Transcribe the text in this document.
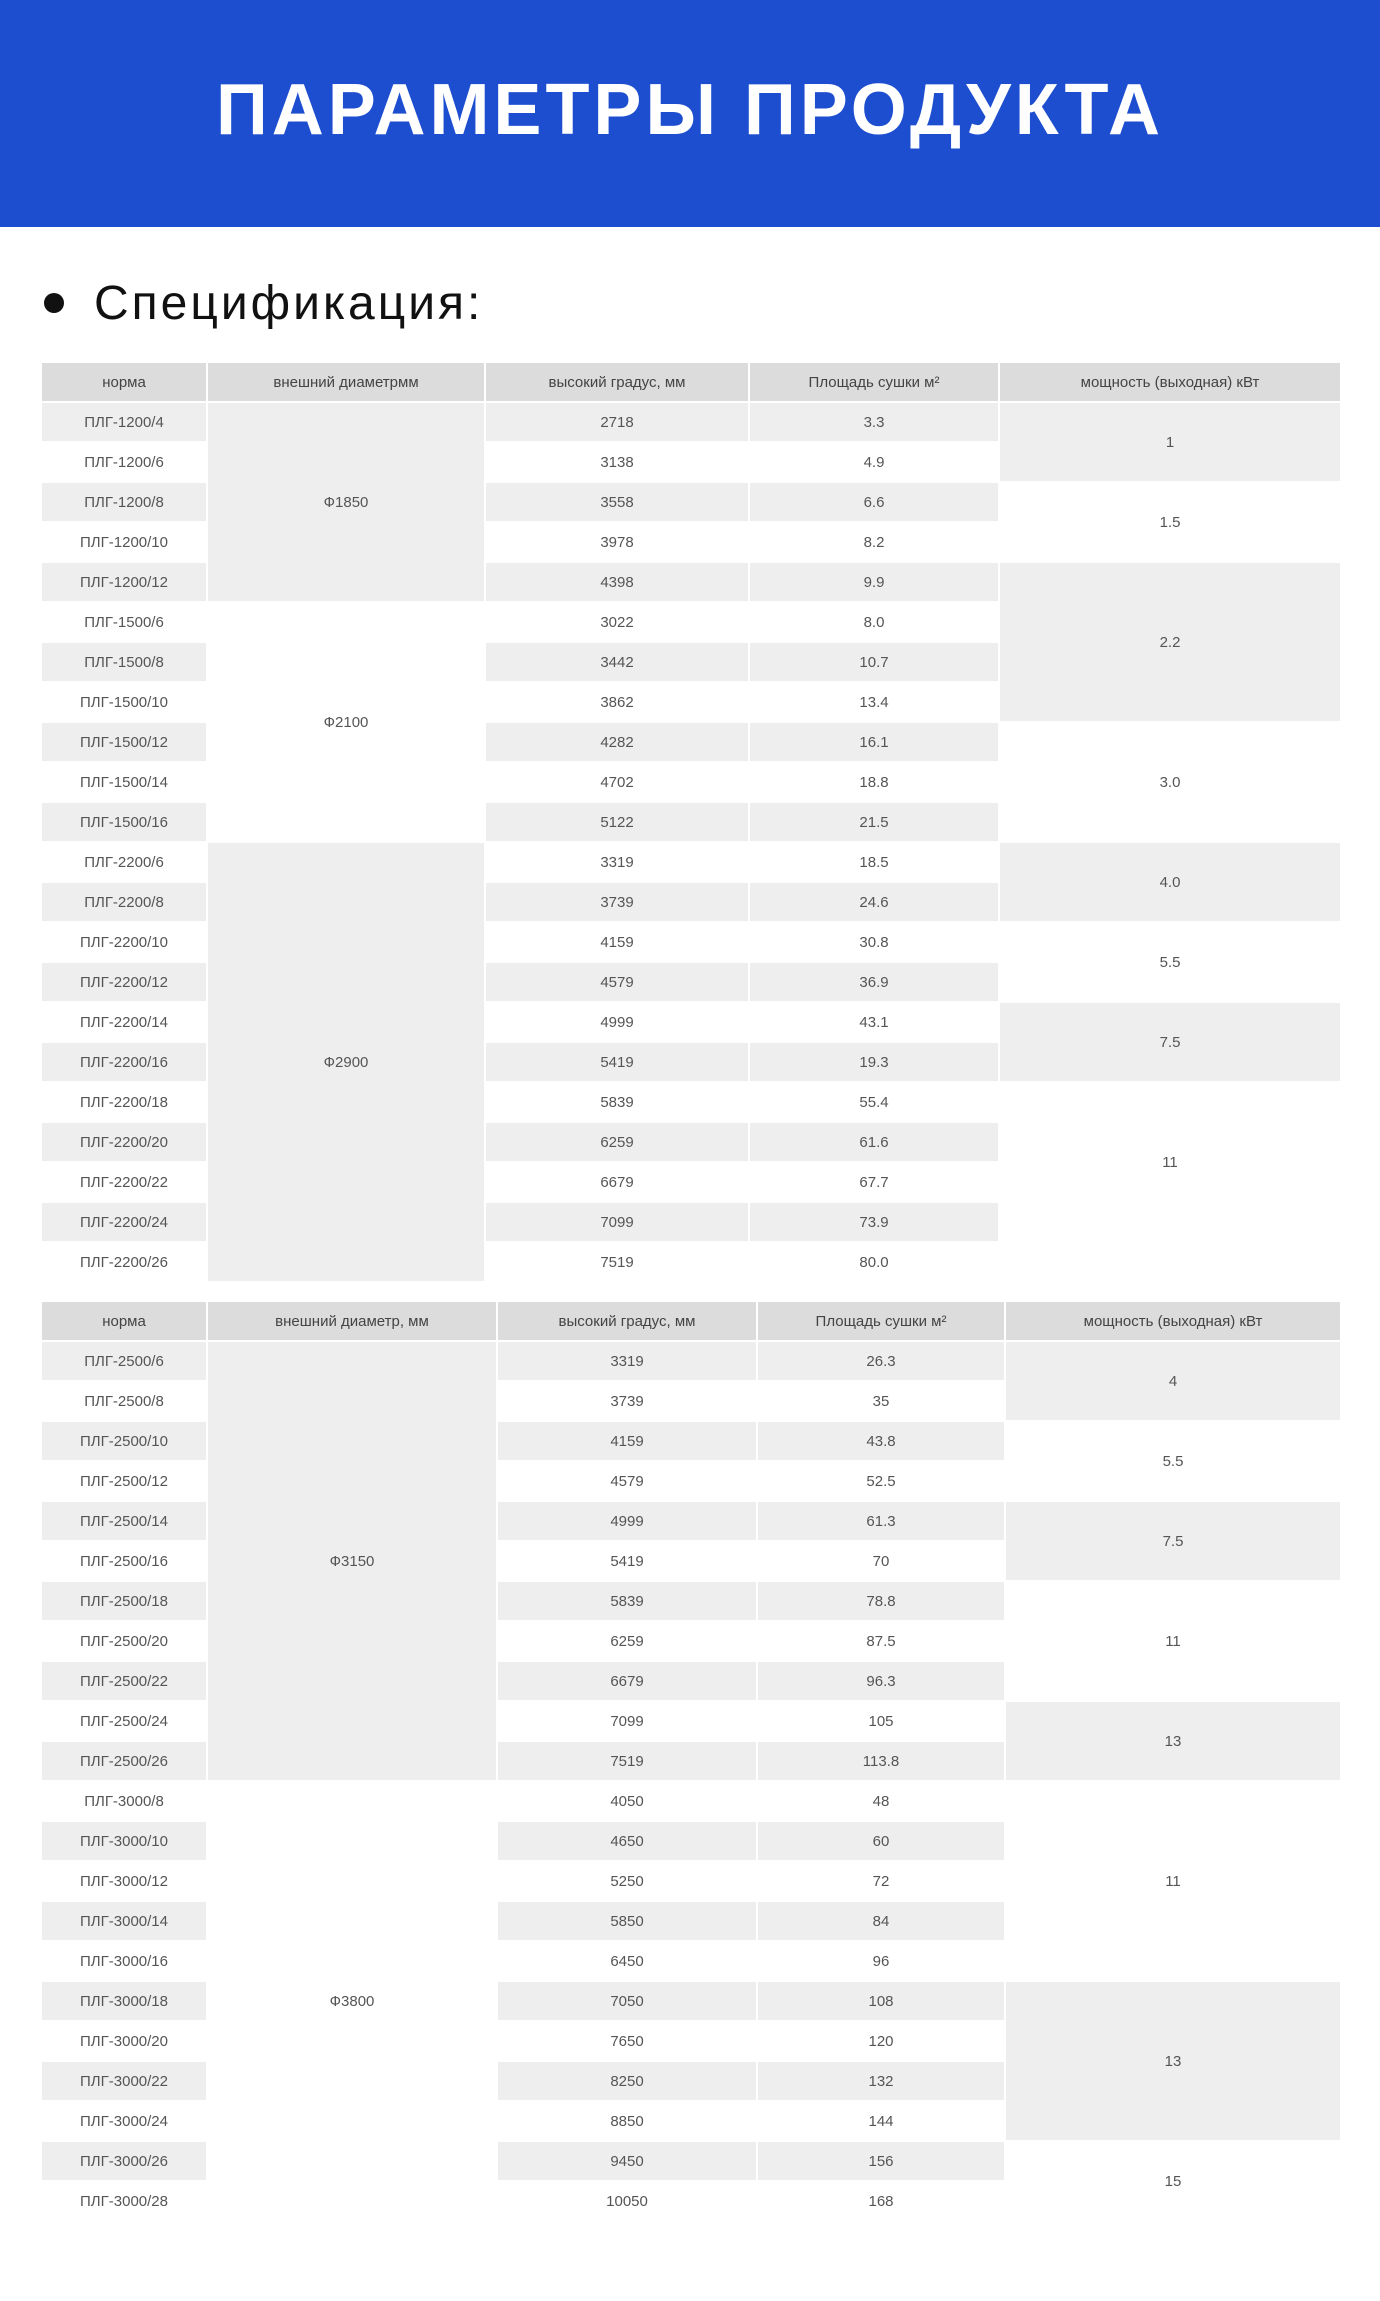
ПАРАМЕТРЫ ПРОДУКТА
Спецификация:
норма	внешний диаметрмм	высокий градус, мм	Площадь сушки м²	мощность (выходная) кВт
ПЛГ-1200/4	Ф1850	2718	3.3	1
ПЛГ-1200/6		3138	4.9	
ПЛГ-1200/8		3558	6.6	1.5
ПЛГ-1200/10		3978	8.2	
ПЛГ-1200/12		4398	9.9	2.2
ПЛГ-1500/6	Ф2100	3022	8.0	
ПЛГ-1500/8		3442	10.7	
ПЛГ-1500/10		3862	13.4	
ПЛГ-1500/12		4282	16.1	3.0
ПЛГ-1500/14		4702	18.8	
ПЛГ-1500/16		5122	21.5	
ПЛГ-2200/6	Ф2900	3319	18.5	4.0
ПЛГ-2200/8		3739	24.6	
ПЛГ-2200/10		4159	30.8	5.5
ПЛГ-2200/12		4579	36.9	
ПЛГ-2200/14		4999	43.1	7.5
ПЛГ-2200/16		5419	19.3	
ПЛГ-2200/18		5839	55.4	11
ПЛГ-2200/20		6259	61.6	
ПЛГ-2200/22		6679	67.7	
ПЛГ-2200/24		7099	73.9	
ПЛГ-2200/26		7519	80.0	
норма	внешний диаметр, мм	высокий градус, мм	Площадь сушки м²	мощность (выходная) кВт
ПЛГ-2500/6	Ф3150	3319	26.3	4
ПЛГ-2500/8		3739	35	
ПЛГ-2500/10		4159	43.8	5.5
ПЛГ-2500/12		4579	52.5	
ПЛГ-2500/14		4999	61.3	7.5
ПЛГ-2500/16		5419	70	
ПЛГ-2500/18		5839	78.8	11
ПЛГ-2500/20		6259	87.5	
ПЛГ-2500/22		6679	96.3	
ПЛГ-2500/24		7099	105	13
ПЛГ-2500/26		7519	113.8	
ПЛГ-3000/8	Ф3800	4050	48	11
ПЛГ-3000/10		4650	60	
ПЛГ-3000/12		5250	72	
ПЛГ-3000/14		5850	84	
ПЛГ-3000/16		6450	96	
ПЛГ-3000/18		7050	108	13
ПЛГ-3000/20		7650	120	
ПЛГ-3000/22		8250	132	
ПЛГ-3000/24		8850	144	
ПЛГ-3000/26		9450	156	15
ПЛГ-3000/28		10050	168	
